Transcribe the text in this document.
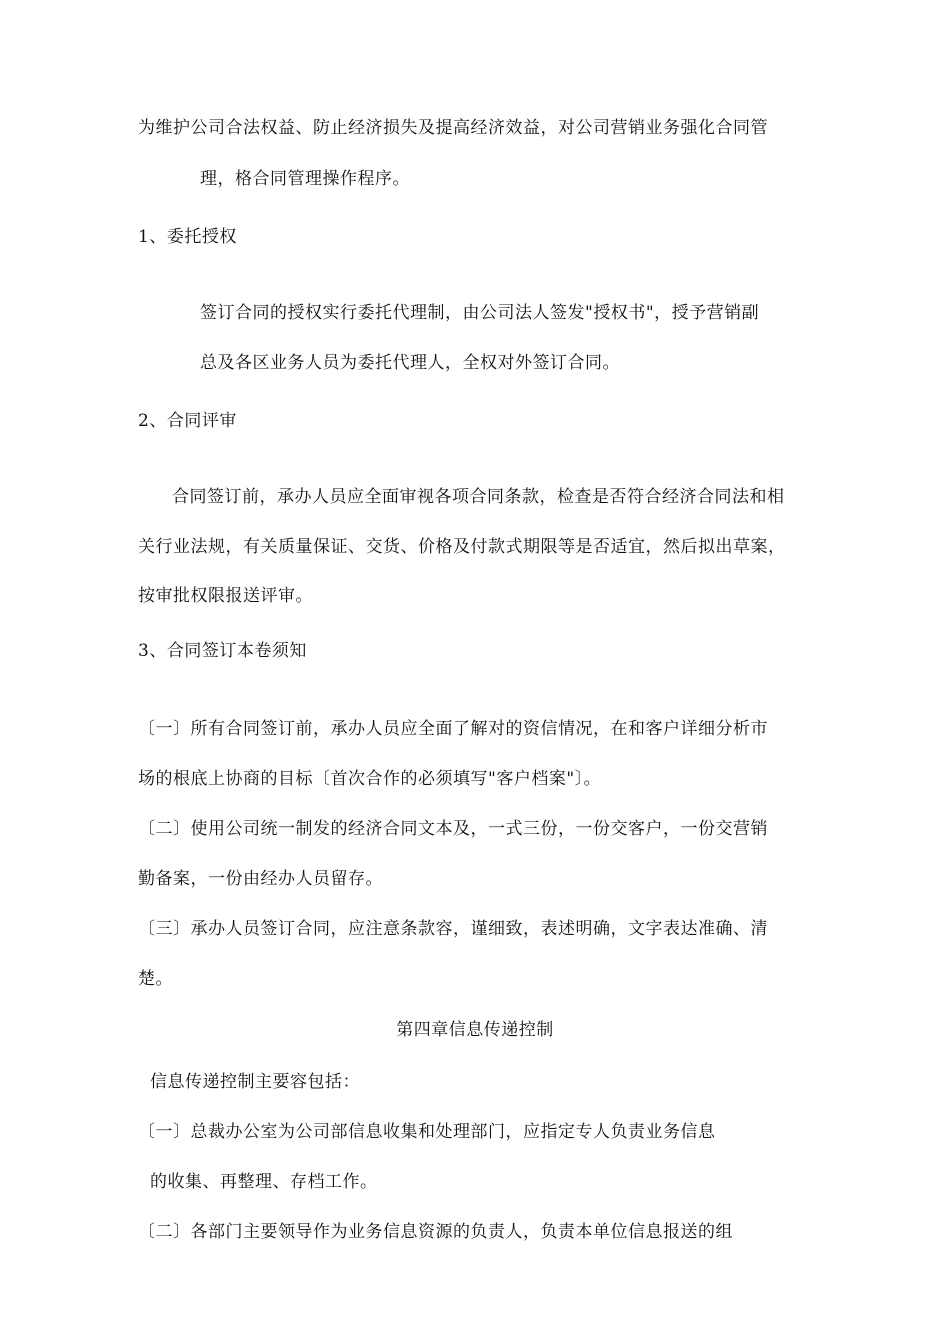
为维护公司合法权益、防止经济损失及提高经济效益，对公司营销业务强化合同管
理，格合同管理操作程序。
1、委托授权
签订合同的授权实行委托代理制，由公司法人签发"授权书"，授予营销副
总及各区业务人员为委托代理人，全权对外签订合同。
2、合同评审
合同签订前，承办人员应全面审视各项合同条款，检查是否符合经济合同法和相
关行业法规，有关质量保证、交货、价格及付款式期限等是否适宜，然后拟出草案，
按审批权限报送评审。
3、合同签订本卷须知
〔一〕所有合同签订前，承办人员应全面了解对的资信情况，在和客户详细分析市
场的根底上协商的目标〔首次合作的必须填写"客户档案"〕。
〔二〕使用公司统一制发的经济合同文本及，一式三份，一份交客户，一份交营销
勤备案，一份由经办人员留存。
〔三〕承办人员签订合同，应注意条款容，谨细致，表述明确，文字表达准确、清
楚。
第四章信息传递控制
信息传递控制主要容包括：
〔一〕总裁办公室为公司部信息收集和处理部门，应指定专人负责业务信息
的收集、再整理、存档工作。
〔二〕各部门主要领导作为业务信息资源的负责人，负责本单位信息报送的组
